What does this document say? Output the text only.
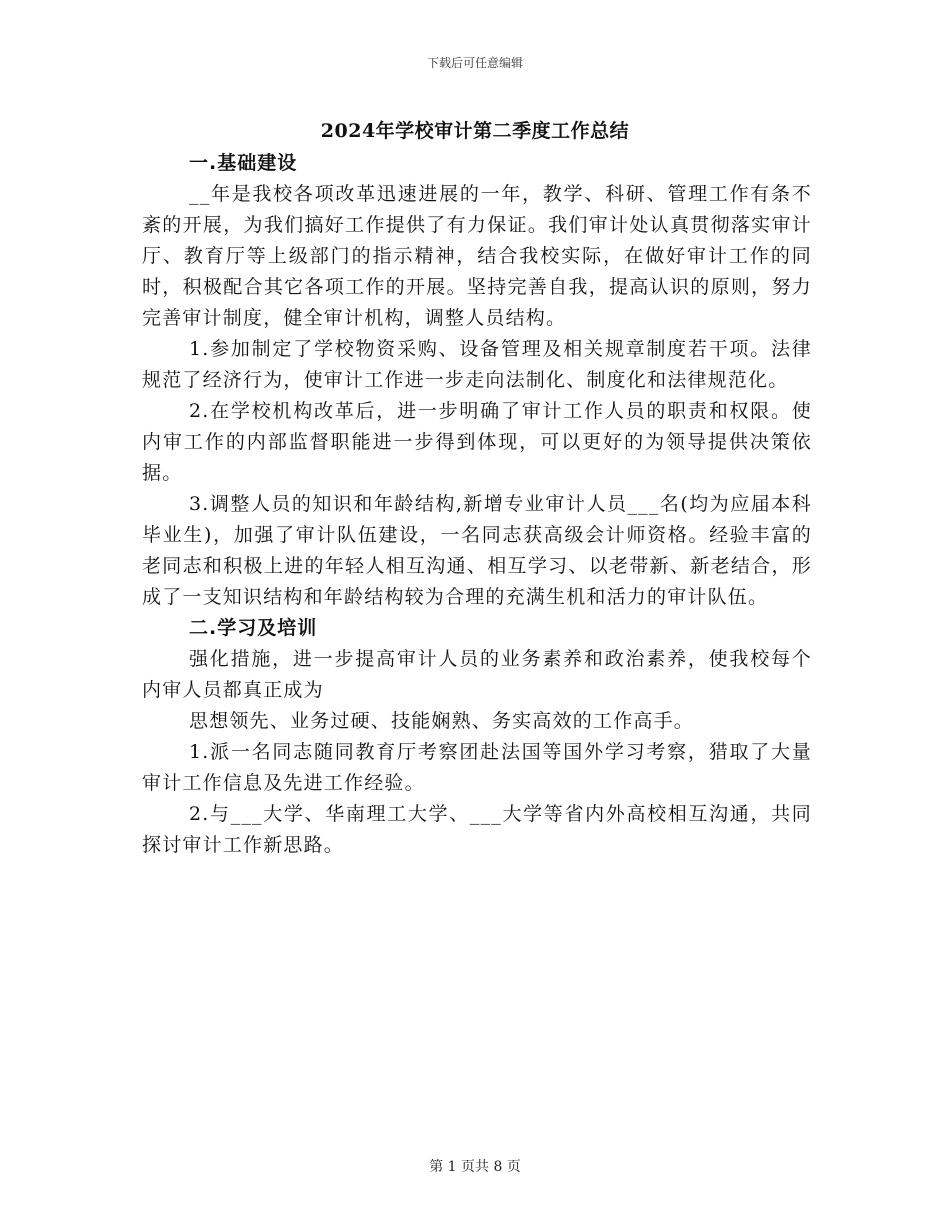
下载后可任意编辑
2024年学校审计第二季度工作总结

一.基础建设

__年是我校各项改革迅速进展的一年，教学、科研、管理工作有条不紊的开展，为我们搞好工作提供了有力保证。我们审计处认真贯彻落实审计厅、教育厅等上级部门的指示精神，结合我校实际，在做好审计工作的同时，积极配合其它各项工作的开展。坚持完善自我，提高认识的原则，努力完善审计制度，健全审计机构，调整人员结构。

1.参加制定了学校物资采购、设备管理及相关规章制度若干项。法律规范了经济行为，使审计工作进一步走向法制化、制度化和法律规范化。

2.在学校机构改革后，进一步明确了审计工作人员的职责和权限。使内审工作的内部监督职能进一步得到体现，可以更好的为领导提供决策依据。

3.调整人员的知识和年龄结构,新增专业审计人员___名(均为应届本科毕业生)，加强了审计队伍建设，一名同志获高级会计师资格。经验丰富的老同志和积极上进的年轻人相互沟通、相互学习、以老带新、新老结合，形成了一支知识结构和年龄结构较为合理的充满生机和活力的审计队伍。

二.学习及培训

强化措施，进一步提高审计人员的业务素养和政治素养，使我校每个内审人员都真正成为

思想领先、业务过硬、技能娴熟、务实高效的工作高手。

1.派一名同志随同教育厅考察团赴法国等国外学习考察，猎取了大量审计工作信息及先进工作经验。

2.与___大学、华南理工大学、___大学等省内外高校相互沟通，共同探讨审计工作新思路。

第 1 页共 8 页
